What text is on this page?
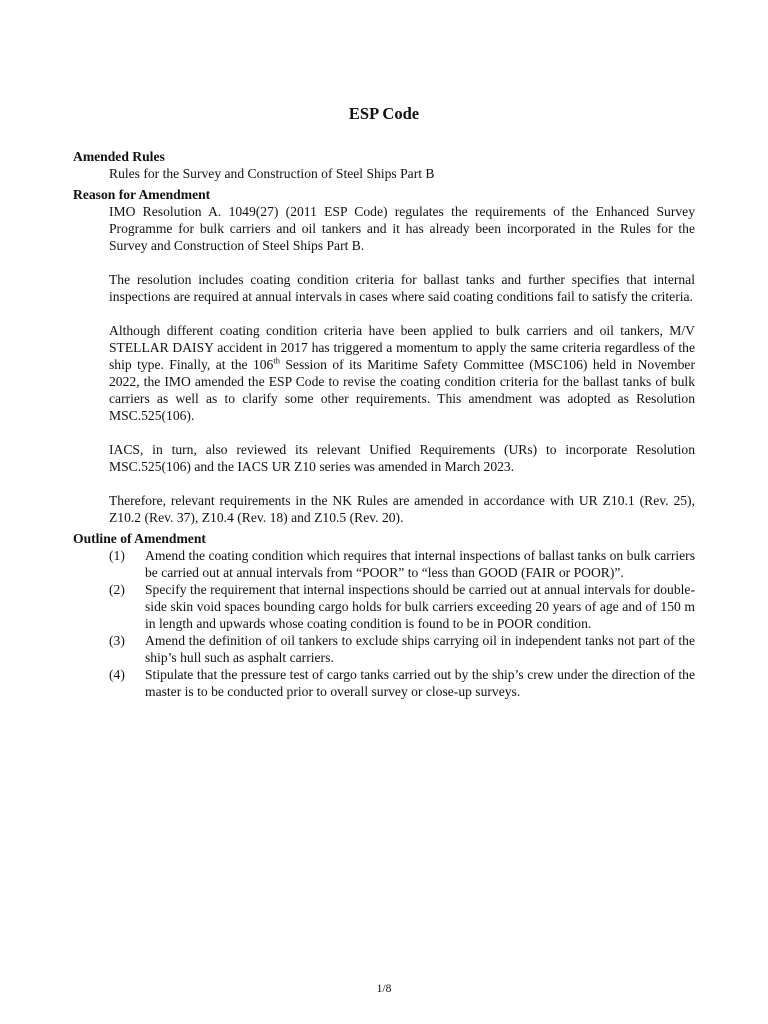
ESP Code

Amended Rules

Rules for the Survey and Construction of Steel Ships Part B

Reason for Amendment

IMO Resolution A. 1049(27) (2011 ESP Code) regulates the requirements of the Enhanced Survey Programme for bulk carriers and oil tankers and it has already been incorporated in the Rules for the Survey and Construction of Steel Ships Part B.

The resolution includes coating condition criteria for ballast tanks and further specifies that internal inspections are required at annual intervals in cases where said coating conditions fail to satisfy the criteria.

Although different coating condition criteria have been applied to bulk carriers and oil tankers, M/V STELLAR DAISY accident in 2017 has triggered a momentum to apply the same criteria regardless of the ship type. Finally, at the 106th Session of its Maritime Safety Committee (MSC106) held in November 2022, the IMO amended the ESP Code to revise the coating condition criteria for the ballast tanks of bulk carriers as well as to clarify some other requirements. This amendment was adopted as Resolution MSC.525(106).

IACS, in turn, also reviewed its relevant Unified Requirements (URs) to incorporate Resolution MSC.525(106) and the IACS UR Z10 series was amended in March 2023.

Therefore, relevant requirements in the NK Rules are amended in accordance with UR Z10.1 (Rev. 25), Z10.2 (Rev. 37), Z10.4 (Rev. 18) and Z10.5 (Rev. 20).

Outline of Amendment

(1)	Amend the coating condition which requires that internal inspections of ballast tanks on bulk carriers be carried out at annual intervals from “POOR” to “less than GOOD (FAIR or POOR)”.
(2)	Specify the requirement that internal inspections should be carried out at annual intervals for double-side skin void spaces bounding cargo holds for bulk carriers exceeding 20 years of age and of 150 m in length and upwards whose coating condition is found to be in POOR condition.
(3)	Amend the definition of oil tankers to exclude ships carrying oil in independent tanks not part of the ship’s hull such as asphalt carriers.
(4)	Stipulate that the pressure test of cargo tanks carried out by the ship’s crew under the direction of the master is to be conducted prior to overall survey or close-up surveys.
1/8
